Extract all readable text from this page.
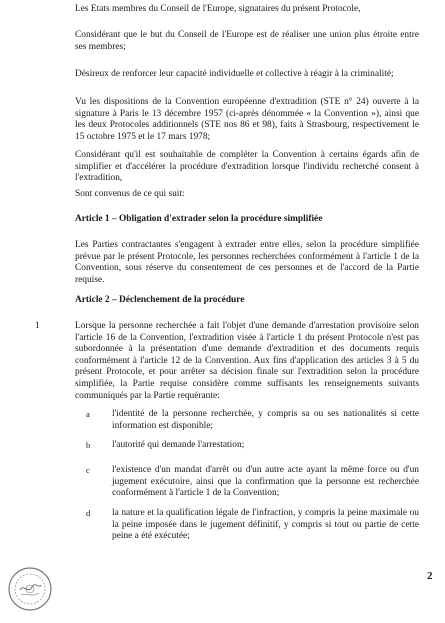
Les Etats membres du Conseil de l'Europe, signataires du présent Protocole,

Considérant que le but du Conseil de l'Europe est de réaliser une union plus étroite entre ses membres;

Désireux de renforcer leur capacité individuelle et collective à réagir à la criminalité;

Vu les dispositions de la Convention européenne d'extradition (STE n° 24) ouverte à la signature à Paris le 13 décembre 1957 (ci-après dénommée « la Convention »), ainsi que les deux Protocoles additionnels (STE nos 86 et 98), faits à Strasbourg, respectivement le 15 octobre 1975 et le 17 mars 1978;

Considérant qu'il est souhaitable de compléter la Convention à certains égards afin de simplifier et d'accélérer la procédure d'extradition lorsque l'individu recherché consent à l'extradition,

Sont convenus de ce qui suit:

Article 1 – Obligation d'extrader selon la procédure simplifiée

Les Parties contractantes s'engagent à extrader entre elles, selon la procédure simplifiée prévue par le présent Protocole, les personnes recherchées conformément à l'article 1 de la Convention, sous réserve du consentement de ces personnes et de l'accord de la Partie requise.

Article 2 – Déclenchement de la procédure

1	Lorsque la personne recherchée a fait l'objet d'une demande d'arrestation provisoire selon l'article 16 de la Convention, l'extradition visée à l'article 1 du présent Protocole n'est pas subordonnée à la présentation d'une demande d'extradition et des documents requis conformément à l'article 12 de la Convention. Aux fins d'application des articles 3 à 5 du présent Protocole, et pour arrêter sa décision finale sur l'extradition selon la procédure simplifiée, la Partie requise considère comme suffisants les renseignements suivants communiqués par la Partie requérante:

a l'identité de la personne recherchée, y compris sa ou ses nationalités si cette information est disponible;

b l'autorité qui demande l'arrestation;

c l'existence d'un mandat d'arrêt ou d'un autre acte ayant la même force ou d'un jugement exécutoire, ainsi que la confirmation que la personne est recherchée conformément à l'article 1 de la Convention;

d la nature et la qualification légale de l'infraction, y compris la peine maximale ou la peine imposée dans le jugement définitif, y compris si tout ou partie de cette peine a été exécutée;

2
